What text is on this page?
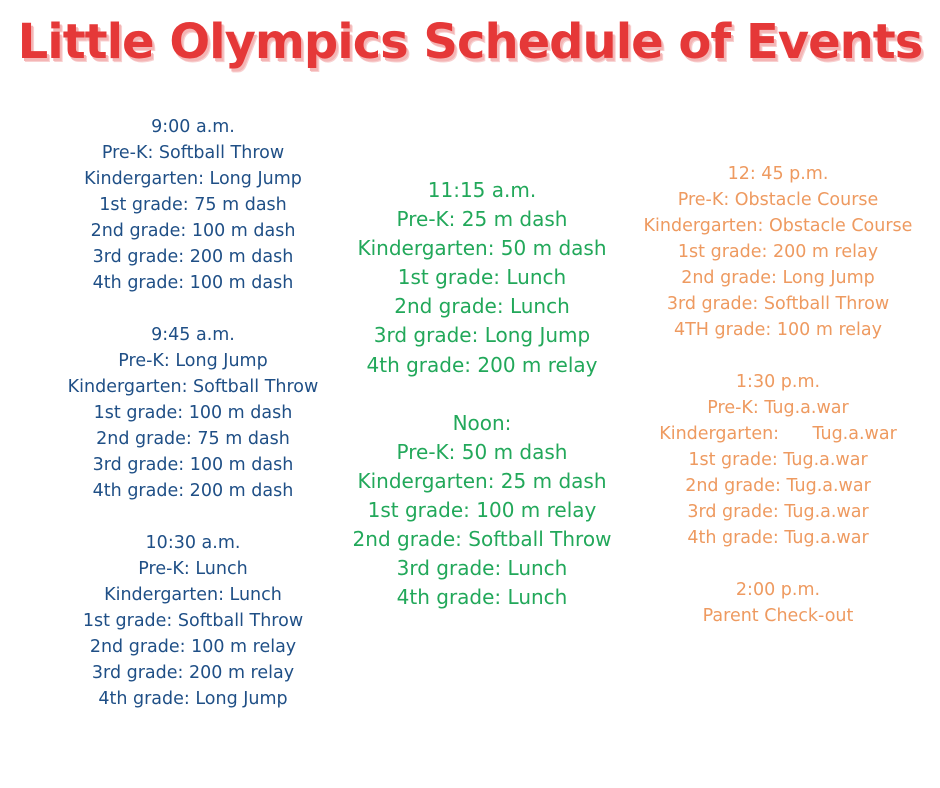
Little Olympics Schedule of Events
9:00 a.m.
Pre-K: Softball Throw
Kindergarten: Long Jump
1st grade: 75 m dash
2nd grade: 100 m dash
3rd grade: 200 m dash
4th grade: 100 m dash
9:45 a.m.
Pre-K: Long Jump
Kindergarten: Softball Throw
1st grade: 100 m dash
2nd grade: 75 m dash
3rd grade: 100 m dash
4th grade: 200 m dash
10:30 a.m.
Pre-K: Lunch
Kindergarten: Lunch
1st grade: Softball Throw
2nd grade: 100 m relay
3rd grade: 200 m relay
4th grade: Long Jump
11:15 a.m.
Pre-K: 25 m dash
Kindergarten: 50 m dash
1st grade: Lunch
2nd grade: Lunch
3rd grade: Long Jump
4th grade: 200 m relay
Noon:
Pre-K: 50 m dash
Kindergarten: 25 m dash
1st grade: 100 m relay
2nd grade: Softball Throw
3rd grade: Lunch
4th grade: Lunch
12: 45 p.m.
Pre-K: Obstacle Course
Kindergarten: Obstacle Course
1st grade: 200 m relay
2nd grade: Long Jump
3rd grade: Softball Throw
4TH grade: 100 m relay
1:30 p.m.
Pre-K: Tug.a.war
Kindergarten:      Tug.a.war
1st grade: Tug.a.war
2nd grade: Tug.a.war
3rd grade: Tug.a.war
4th grade: Tug.a.war
2:00 p.m.
Parent Check-out
